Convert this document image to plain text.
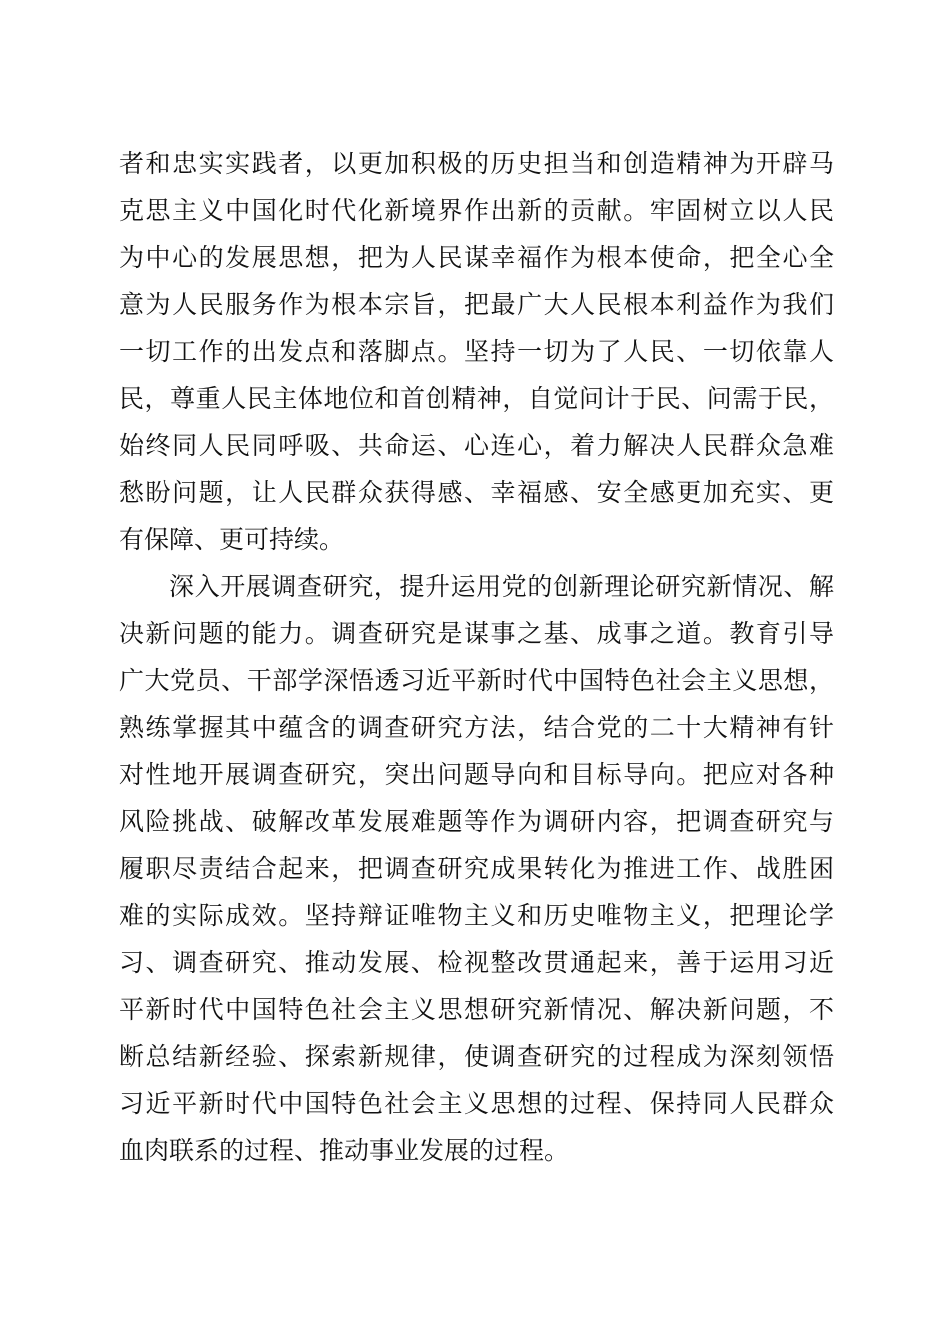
者和忠实实践者，以更加积极的历史担当和创造精神为开辟马
克思主义中国化时代化新境界作出新的贡献。牢固树立以人民
为中心的发展思想，把为人民谋幸福作为根本使命，把全心全
意为人民服务作为根本宗旨，把最广大人民根本利益作为我们
一切工作的出发点和落脚点。坚持一切为了人民、一切依靠人
民，尊重人民主体地位和首创精神，自觉问计于民、问需于民，
始终同人民同呼吸、共命运、心连心，着力解决人民群众急难
愁盼问题，让人民群众获得感、幸福感、安全感更加充实、更
有保障、更可持续。
深入开展调查研究，提升运用党的创新理论研究新情况、解
决新问题的能力。调查研究是谋事之基、成事之道。教育引导
广大党员、干部学深悟透习近平新时代中国特色社会主义思想，
熟练掌握其中蕴含的调查研究方法，结合党的二十大精神有针
对性地开展调查研究，突出问题导向和目标导向。把应对各种
风险挑战、破解改革发展难题等作为调研内容，把调查研究与
履职尽责结合起来，把调查研究成果转化为推进工作、战胜困
难的实际成效。坚持辩证唯物主义和历史唯物主义，把理论学
习、调查研究、推动发展、检视整改贯通起来，善于运用习近
平新时代中国特色社会主义思想研究新情况、解决新问题，不
断总结新经验、探索新规律，使调查研究的过程成为深刻领悟
习近平新时代中国特色社会主义思想的过程、保持同人民群众
血肉联系的过程、推动事业发展的过程。
